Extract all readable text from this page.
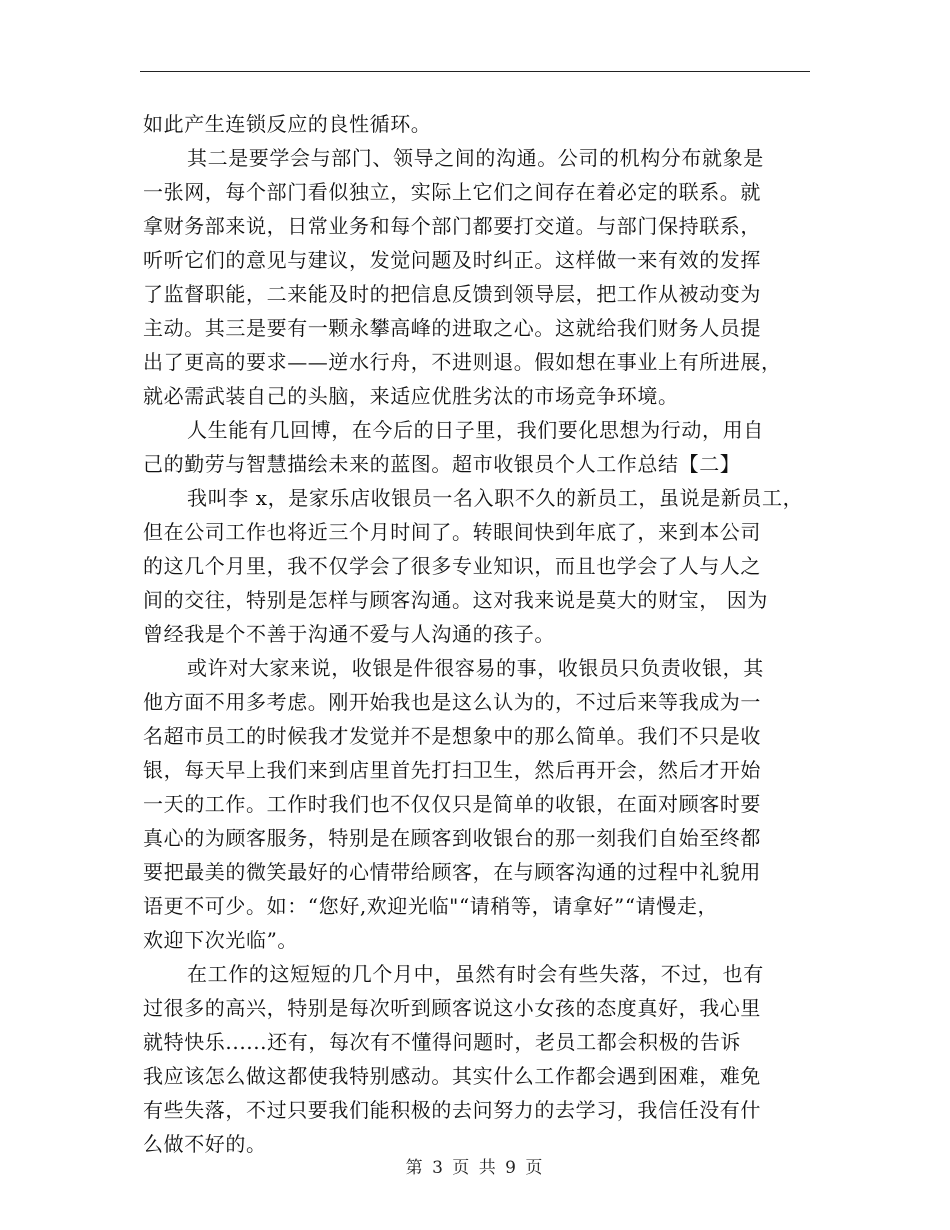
如此产生连锁反应的良性循环。
其二是要学会与部门、领导之间的沟通。公司的机构分布就象是
一张网，每个部门看似独立，实际上它们之间存在着必定的联系。就
拿财务部来说，日常业务和每个部门都要打交道。与部门保持联系，
听听它们的意见与建议，发觉问题及时纠正。这样做一来有效的发挥
了监督职能，二来能及时的把信息反馈到领导层，把工作从被动变为
主动。其三是要有一颗永攀高峰的进取之心。这就给我们财务人员提
出了更高的要求——逆水行舟，不进则退。假如想在事业上有所进展，
就必需武装自己的头脑，来适应优胜劣汰的市场竞争环境。
人生能有几回博，在今后的日子里，我们要化思想为行动，用自
己的勤劳与智慧描绘未来的蓝图。超市收银员个人工作总结【二】
我叫李 x，是家乐店收银员一名入职不久的新员工，虽说是新员工，
但在公司工作也将近三个月时间了。转眼间快到年底了，来到本公司
的这几个月里，我不仅学会了很多专业知识，而且也学会了人与人之
间的交往，特别是怎样与顾客沟通。这对我来说是莫大的财宝， 因为
曾经我是个不善于沟通不爱与人沟通的孩子。
或许对大家来说，收银是件很容易的事，收银员只负责收银，其
他方面不用多考虑。刚开始我也是这么认为的，不过后来等我成为一
名超市员工的时候我才发觉并不是想象中的那么简单。我们不只是收
银，每天早上我们来到店里首先打扫卫生，然后再开会，然后才开始
一天的工作。工作时我们也不仅仅只是简单的收银，在面对顾客时要
真心的为顾客服务，特别是在顾客到收银台的那一刻我们自始至终都
要把最美的微笑最好的心情带给顾客，在与顾客沟通的过程中礼貌用
语更不可少。如：“您好,欢迎光临"“请稍等，请拿好”“请慢走，
欢迎下次光临”。
在工作的这短短的几个月中，虽然有时会有些失落，不过，也有
过很多的高兴，特别是每次听到顾客说这小女孩的态度真好，我心里
就特快乐......还有，每次有不懂得问题时，老员工都会积极的告诉
我应该怎么做这都使我特别感动。其实什么工作都会遇到困难，难免
有些失落，不过只要我们能积极的去问努力的去学习，我信任没有什
么做不好的。
第 3 页 共 9 页
